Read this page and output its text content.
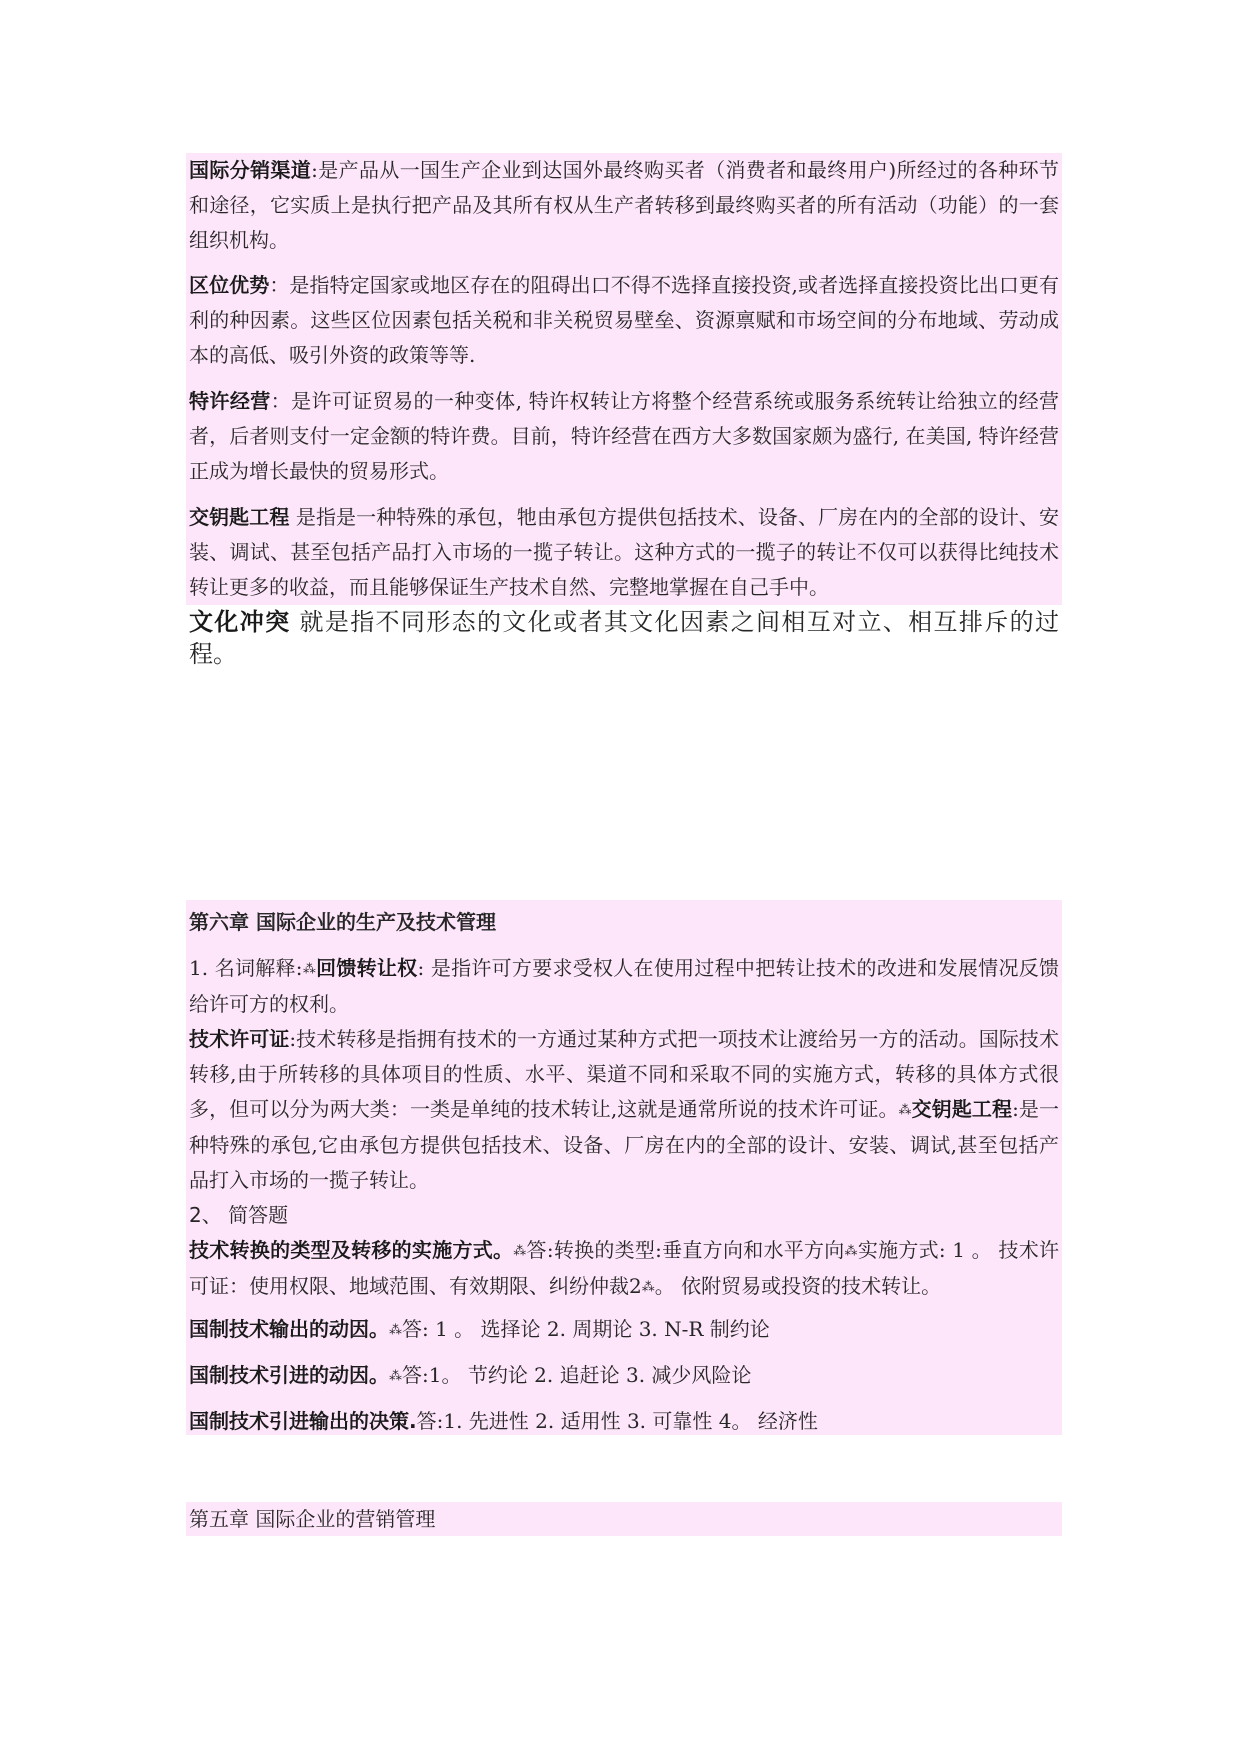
国际分销渠道:是产品从一国生产企业到达国外最终购买者（消费者和最终用户)所经过的各种环节和途径，它实质上是执行把产品及其所有权从生产者转移到最终购买者的所有活动（功能）的一套组织机构。

区位优势：是指特定国家或地区存在的阻碍出口不得不选择直接投资,或者选择直接投资比出口更有利的种因素。这些区位因素包括关税和非关税贸易壁垒、资源禀赋和市场空间的分布地域、劳动成本的高低、吸引外资的政策等等.

特许经营：是许可证贸易的一种变体, 特许权转让方将整个经营系统或服务系统转让给独立的经营者，后者则支付一定金额的特许费。目前，特许经营在西方大多数国家颇为盛行, 在美国, 特许经营正成为增长最快的贸易形式。

交钥匙工程 是指是一种特殊的承包，牠由承包方提供包括技术、设备、厂房在内的全部的设计、安装、调试、甚至包括产品打入市场的一揽子转让。这种方式的一揽子的转让不仅可以获得比纯技术转让更多的收益，而且能够保证生产技术自然、完整地掌握在自己手中。

文化冲突 就是指不同形态的文化或者其文化因素之间相互对立、相互排斥的过程。

第六章 国际企业的生产及技术管理

1. 名词解释:⁂回馈转让权: 是指许可方要求受权人在使用过程中把转让技术的改进和发展情况反馈给许可方的权利。

技术许可证:技术转移是指拥有技术的一方通过某种方式把一项技术让渡给另一方的活动。国际技术转移,由于所转移的具体项目的性质、水平、渠道不同和采取不同的实施方式，转移的具体方式很多，但可以分为两大类：一类是单纯的技术转让,这就是通常所说的技术许可证。⁂交钥匙工程:是一种特殊的承包,它由承包方提供包括技术、设备、厂房在内的全部的设计、安装、调试,甚至包括产品打入市场的一揽子转让。

2、 简答题

技术转换的类型及转移的实施方式。⁂答:转换的类型:垂直方向和水平方向⁂实施方式: 1 。 技术许可证：使用权限、地域范围、有效期限、纠纷仲裁2⁂。 依附贸易或投资的技术转让。

国制技术输出的动因。⁂答: 1 。 选择论 2. 周期论 3. N-R 制约论

国制技术引进的动因。⁂答:1。 节约论 2. 追赶论 3. 减少风险论

国制技术引进输出的决策.答:1. 先进性 2. 适用性 3. 可靠性 4。 经济性

第五章 国际企业的营销管理
